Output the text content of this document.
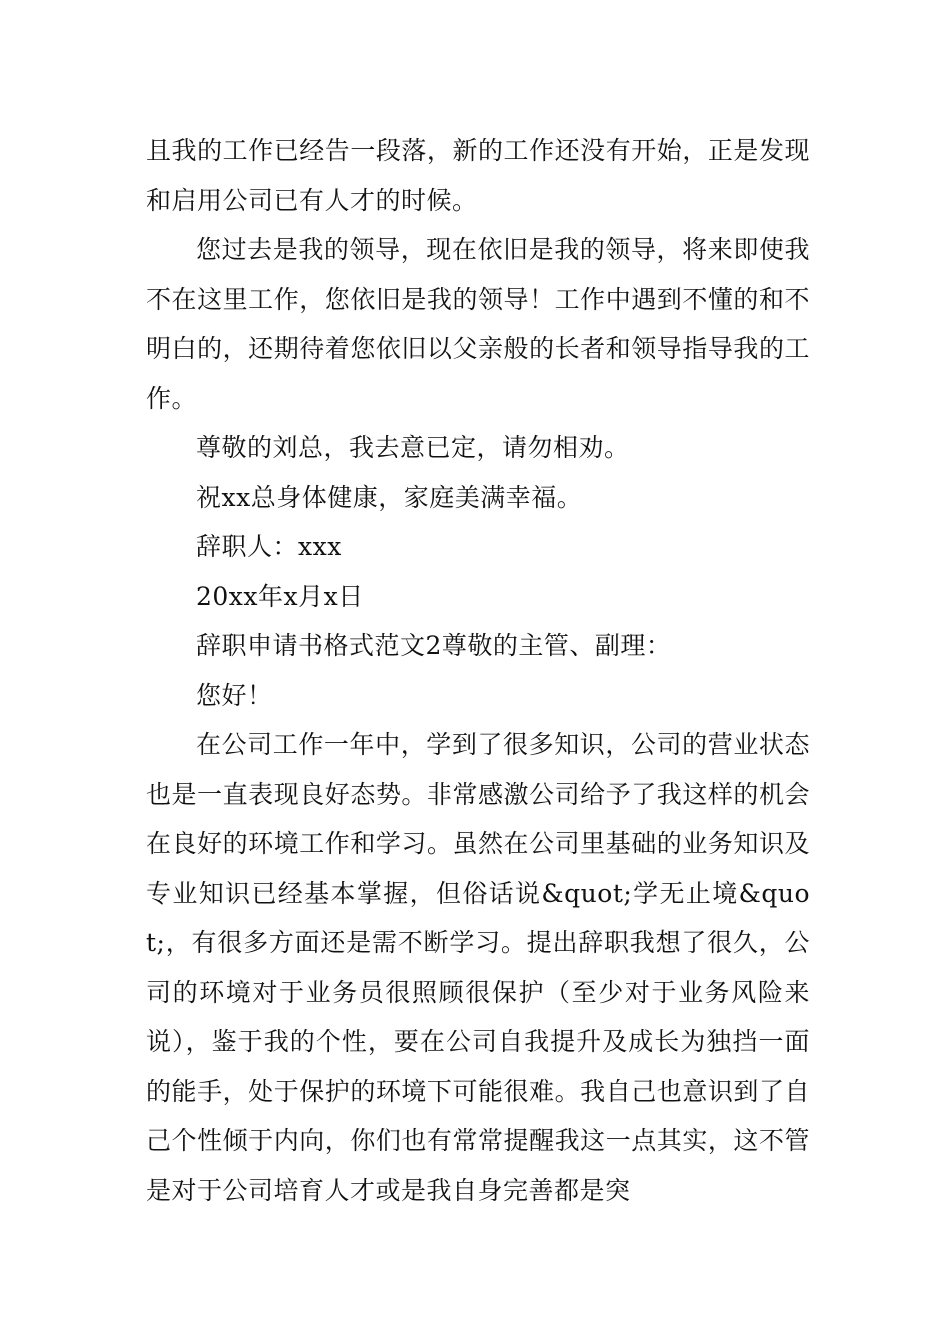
且我的工作已经告一段落，新的工作还没有开始，正是发现和启用公司已有人才的时候。

您过去是我的领导，现在依旧是我的领导，将来即使我不在这里工作，您依旧是我的领导！工作中遇到不懂的和不明白的，还期待着您依旧以父亲般的长者和领导指导我的工作。

尊敬的刘总，我去意已定，请勿相劝。

祝xx总身体健康，家庭美满幸福。

辞职人：xxx

20xx年x月x日

辞职申请书格式范文2尊敬的主管、副理：

您好！

在公司工作一年中，学到了很多知识，公司的营业状态也是一直表现良好态势。非常感激公司给予了我这样的机会在良好的环境工作和学习。虽然在公司里基础的业务知识及专业知识已经基本掌握，但俗话说&quot;学无止境&quot;，有很多方面还是需不断学习。提出辞职我想了很久，公司的环境对于业务员很照顾很保护（至少对于业务风险来说），鉴于我的个性，要在公司自我提升及成长为独挡一面的能手，处于保护的环境下可能很难。我自己也意识到了自己个性倾于内向，你们也有常常提醒我这一点其实，这不管是对于公司培育人才或是我自身完善都是突
